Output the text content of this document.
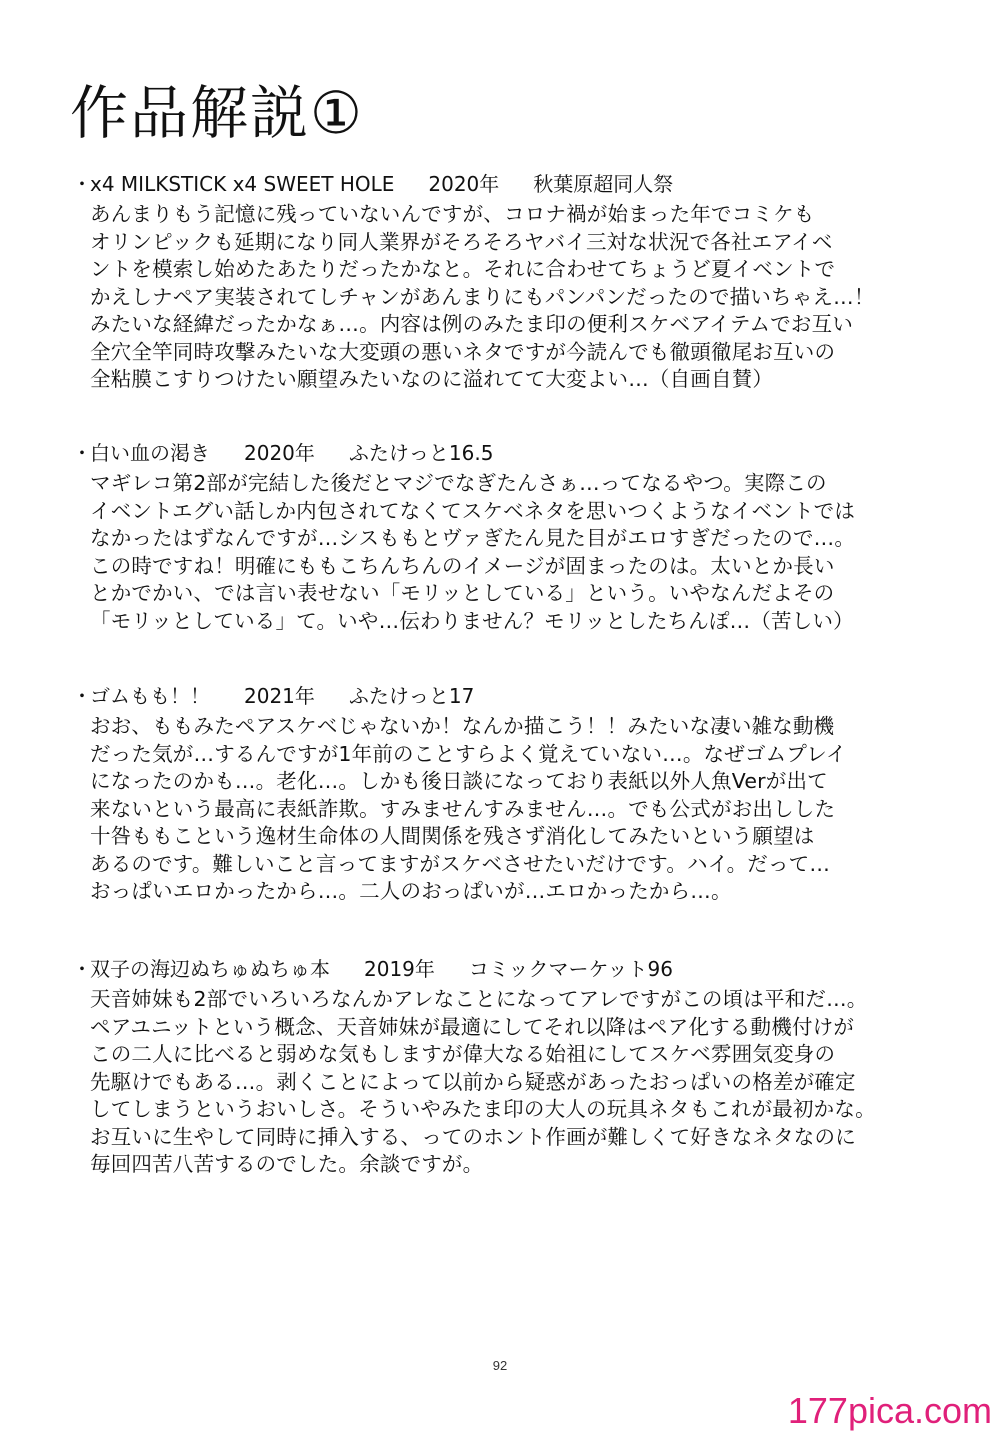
作品解説①
・
x4 MILKSTICK x4 SWEET HOLE 2020年 秋葉原超同人祭
あんまりもう記憶に残っていないんですが、コロナ禍が始まった年でコミケも
オリンピックも延期になり同人業界がそろそろヤバイ三対な状況で各社エアイベ
ントを模索し始めたあたりだったかなと。それに合わせてちょうど夏イベントで
かえしナペア実装されてしチャンがあんまりにもパンパンだったので描いちゃえ…！
みたいな経緯だったかなぁ…。内容は例のみたま印の便利スケベアイテムでお互い
全穴全竿同時攻撃みたいな大変頭の悪いネタですが今読んでも徹頭徹尾お互いの
全粘膜こすりつけたい願望みたいなのに溢れてて大変よい…（自画自賛）
・
白い血の渇き 2020年 ふたけっと16.5
マギレコ第2部が完結した後だとマジでなぎたんさぁ…ってなるやつ。実際この
イベントエグい話しか内包されてなくてスケベネタを思いつくようなイベントでは
なかったはずなんですが…シスももとヴァぎたん見た目がエロすぎだったので…。
この時ですね！明確にももこちんちんのイメージが固まったのは。太いとか長い
とかでかい、では言い表せない「モリッとしている」という。いやなんだよその
「モリッとしている」て。いや…伝わりません？モリッとしたちんぽ…（苦しい）
・
ゴムもも！！ 2021年 ふたけっと17
おお、ももみたペアスケベじゃないか！なんか描こう！！みたいな凄い雑な動機
だった気が…するんですが1年前のことすらよく覚えていない…。なぜゴムプレイ
になったのかも…。老化…。しかも後日談になっており表紙以外人魚Verが出て
来ないという最高に表紙詐欺。すみませんすみません…。でも公式がお出しした
十咎ももこという逸材生命体の人間関係を残さず消化してみたいという願望は
あるのです。難しいこと言ってますがスケベさせたいだけです。ハイ。だって…
おっぱいエロかったから…。二人のおっぱいが…エロかったから…。
・
双子の海辺ぬちゅぬちゅ本 2019年 コミックマーケット96
天音姉妹も2部でいろいろなんかアレなことになってアレですがこの頃は平和だ…。
ペアユニットという概念、天音姉妹が最適にしてそれ以降はペア化する動機付けが
この二人に比べると弱めな気もしますが偉大なる始祖にしてスケベ雰囲気変身の
先駆けでもある…。剥くことによって以前から疑惑があったおっぱいの格差が確定
してしまうというおいしさ。そういやみたま印の大人の玩具ネタもこれが最初かな。
お互いに生やして同時に挿入する、ってのホント作画が難しくて好きなネタなのに
毎回四苦八苦するのでした。余談ですが。
92
177pica.com
